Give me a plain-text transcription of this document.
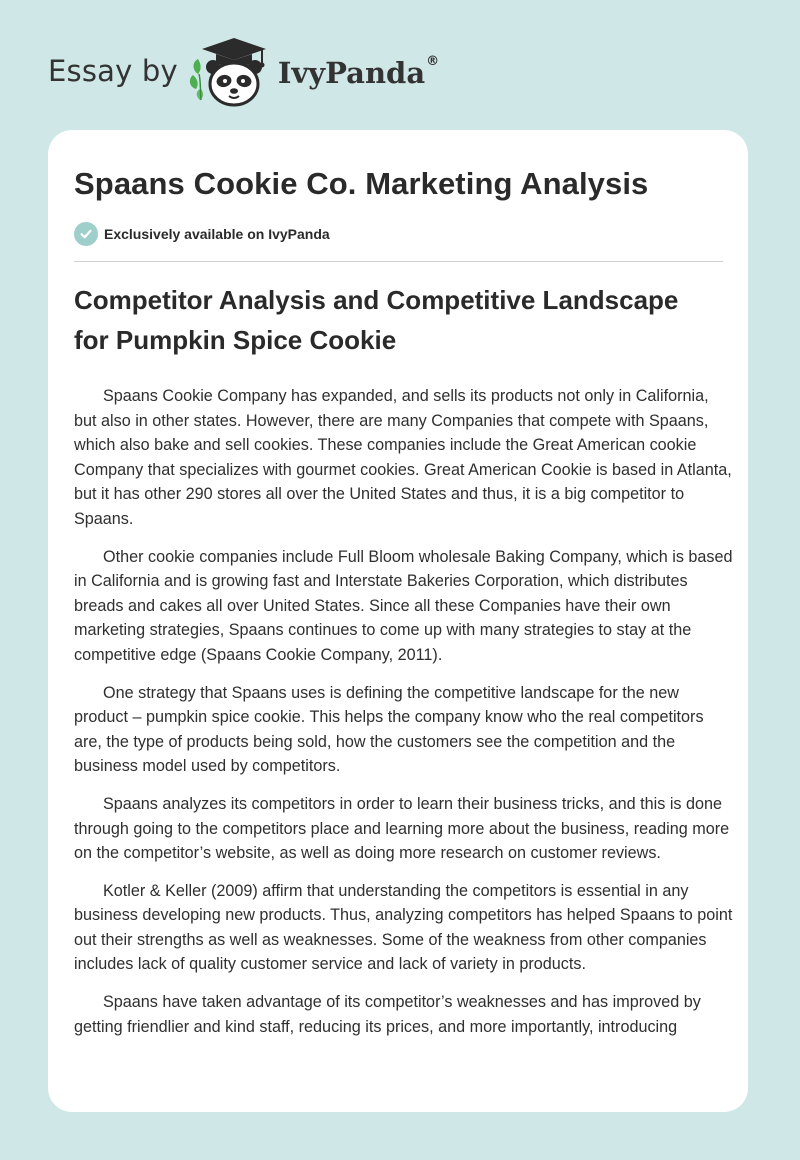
Essay by	IvyPanda ®
Spaans Cookie Co. Marketing Analysis
Exclusively available on IvyPanda
Competitor Analysis and Competitive Landscape for Pumpkin Spice Cookie

Spaans Cookie Company has expanded, and sells its products not only in California, but also in other states. However, there are many Companies that compete with Spaans, which also bake and sell cookies. These companies include the Great American cookie Company that specializes with gourmet cookies. Great American Cookie is based in Atlanta, but it has other 290 stores all over the United States and thus, it is a big competitor to Spaans.

Other cookie companies include Full Bloom wholesale Baking Company, which is based in California and is growing fast and Interstate Bakeries Corporation, which distributes breads and cakes all over United States. Since all these Companies have their own marketing strategies, Spaans continues to come up with many strategies to stay at the competitive edge (Spaans Cookie Company, 2011).

One strategy that Spaans uses is defining the competitive landscape for the new product – pumpkin spice cookie. This helps the company know who the real competitors are, the type of products being sold, how the customers see the competition and the business model used by competitors.

Spaans analyzes its competitors in order to learn their business tricks, and this is done through going to the competitors place and learning more about the business, reading more on the competitor’s website, as well as doing more research on customer reviews.

Kotler & Keller (2009) affirm that understanding the competitors is essential in any business developing new products. Thus, analyzing competitors has helped Spaans to point out their strengths as well as weaknesses. Some of the weakness from other companies includes lack of quality customer service and lack of variety in products.

Spaans have taken advantage of its competitor’s weaknesses and has improved by getting friendlier and kind staff, reducing its prices, and more importantly, introducing
